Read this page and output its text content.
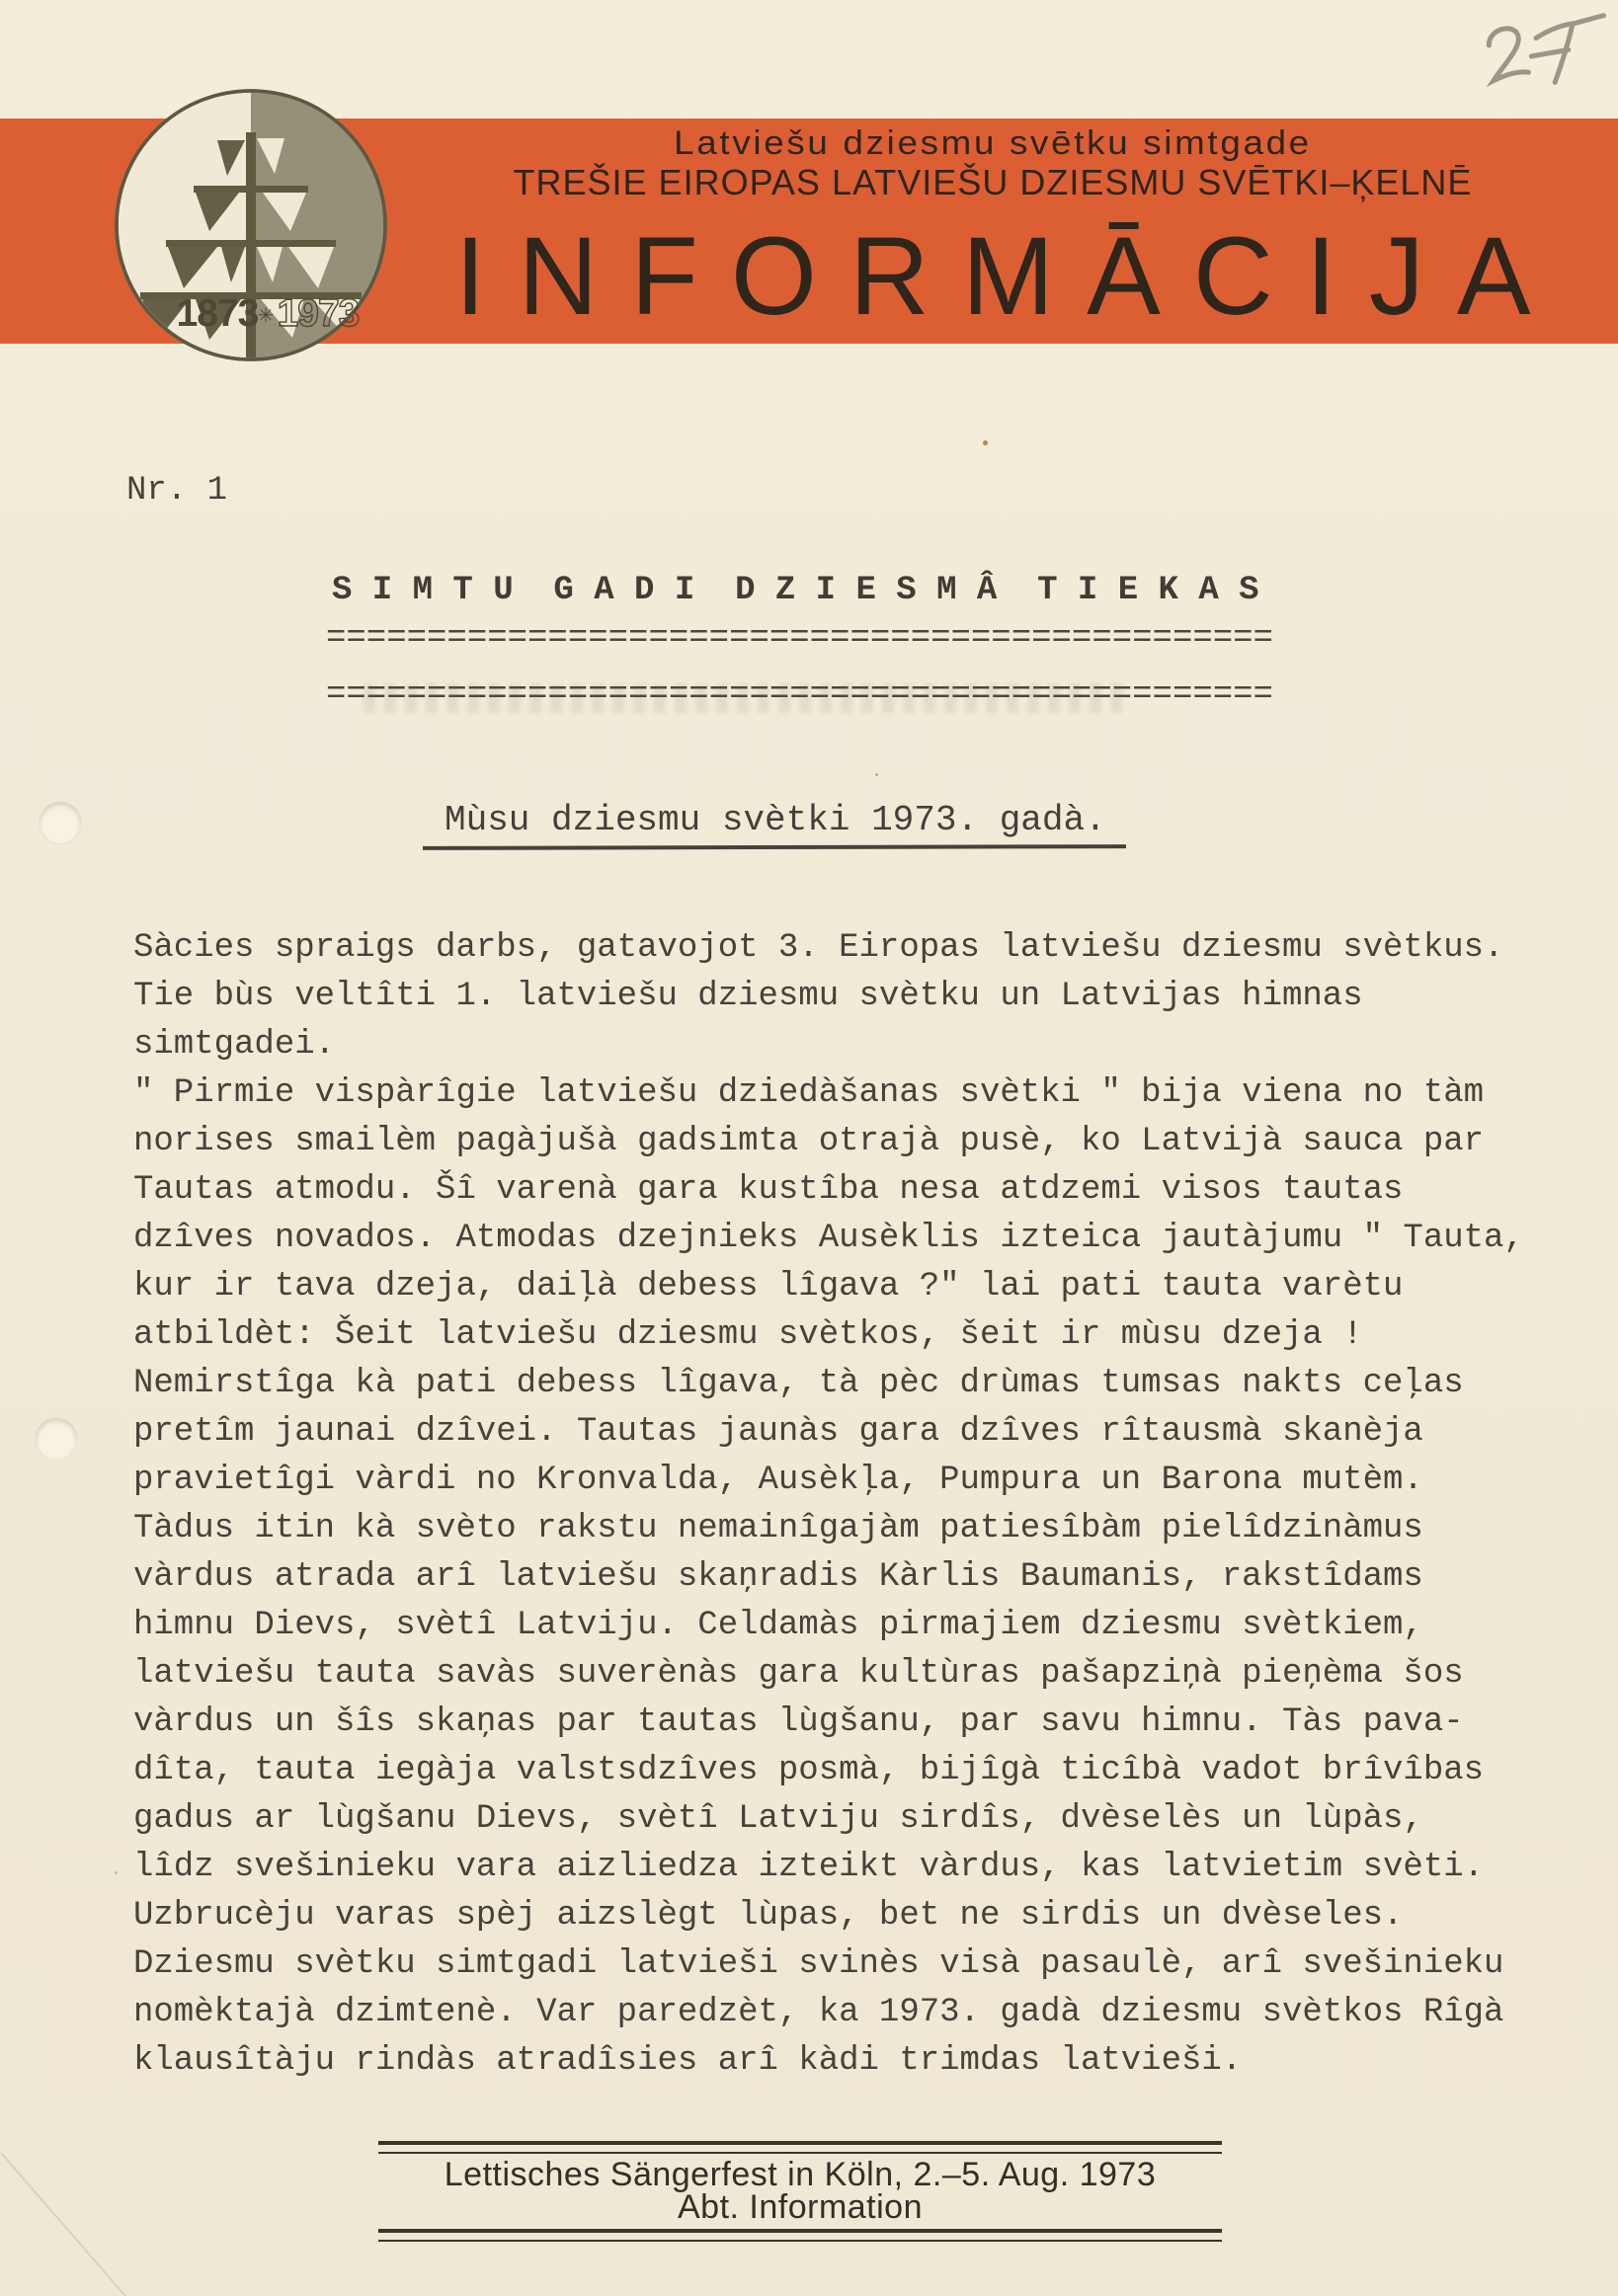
Latviešu dziesmu svētku simtgade
TREŠIE EIROPAS LATVIEŠU DZIESMU SVĒTKI–ĶELNĒ
INFORMĀCIJA
1873 ✳ 1973
Nr. 1
S I M T U  G A D I  D Z I E S M Â  T I E K A S

===============================================

===============================================

Mùsu dziesmu svètki 1973. gadà.
Sàcies spraigs darbs, gatavojot 3. Eiropas latviešu dziesmu svètkus.
Tie bùs veltîti 1. latviešu dziesmu svètku un Latvijas himnas
simtgadei.
" Pirmie vispàrîgie latviešu dziedàšanas svètki " bija viena no tàm
norises smailèm pagàjušà gadsimta otrajà pusè, ko Latvijà sauca par
Tautas atmodu. Šî varenà gara kustîba nesa atdzemi visos tautas
dzîves novados. Atmodas dzejnieks Ausèklis izteica jautàjumu " Tauta,
kur ir tava dzeja, daiļà debess lîgava ?" lai pati tauta varètu
atbildèt: Šeit latviešu dziesmu svètkos, šeit ir mùsu dzeja !
Nemirstîga kà pati debess lîgava, tà pèc drùmas tumsas nakts ceļas
pretîm jaunai dzîvei. Tautas jaunàs gara dzîves rîtausmà skanèja
pravietîgi vàrdi no Kronvalda, Ausèkļa, Pumpura un Barona mutèm.
Tàdus itin kà svèto rakstu nemainîgajàm patiesîbàm pielîdzinàmus
vàrdus atrada arî latviešu skaņradis Kàrlis Baumanis, rakstîdams
himnu Dievs, svètî Latviju. Celdamàs pirmajiem dziesmu svètkiem,
latviešu tauta savàs suverènàs gara kultùras pašapziņà pieņèma šos
vàrdus un šîs skaņas par tautas lùgšanu, par savu himnu. Tàs pava-
dîta, tauta iegàja valstsdzîves posmà, bijîgà ticîbà vadot brîvîbas
gadus ar lùgšanu Dievs, svètî Latviju sirdîs, dvèselès un lùpàs,
lîdz svešinieku vara aizliedza izteikt vàrdus, kas latvietim svèti.
Uzbrucèju varas spèj aizslègt lùpas, bet ne sirdis un dvèseles.
Dziesmu svètku simtgadi latvieši svinès visà pasaulè, arî svešinieku
nomèktajà dzimtenè. Var paredzèt, ka 1973. gadà dziesmu svètkos Rîgà
klausîtàju rindàs atradîsies arî kàdi trimdas latvieši.
Lettisches Sängerfest in Köln, 2.–5. Aug. 1973
Abt. Information
